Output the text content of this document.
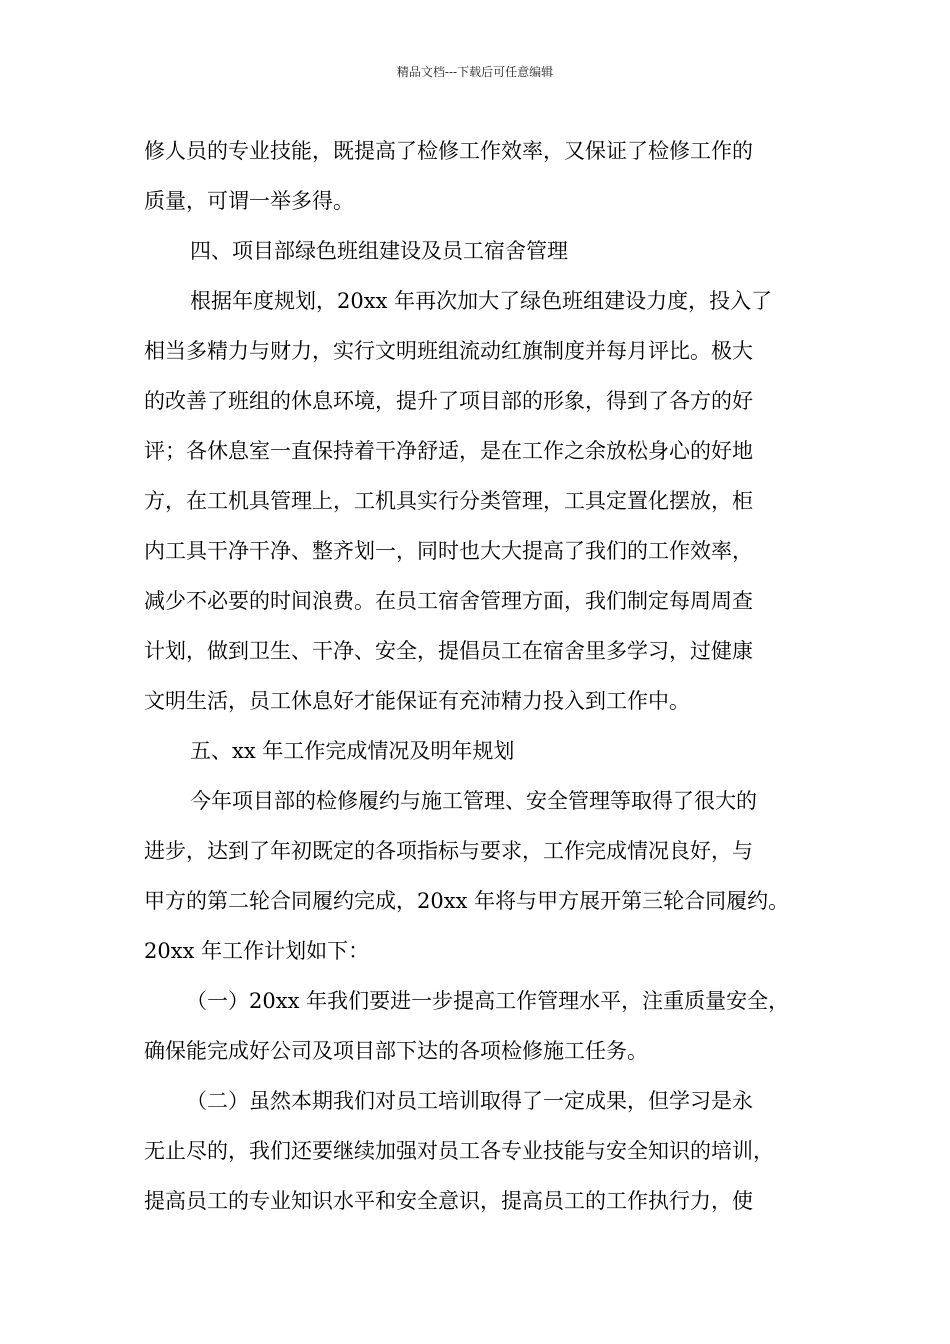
精品文档---下载后可任意编辑

修人员的专业技能，既提高了检修工作效率，又保证了检修工作的

质量，可谓一举多得。

四、项目部绿色班组建设及员工宿舍管理

根据年度规划，20xx 年再次加大了绿色班组建设力度，投入了

相当多精力与财力，实行文明班组流动红旗制度并每月评比。极大

的改善了班组的休息环境，提升了项目部的形象，得到了各方的好

评；各休息室一直保持着干净舒适，是在工作之余放松身心的好地

方，在工机具管理上，工机具实行分类管理，工具定置化摆放，柜

内工具干净干净、整齐划一，同时也大大提高了我们的工作效率，

减少不必要的时间浪费。在员工宿舍管理方面，我们制定每周周查

计划，做到卫生、干净、安全，提倡员工在宿舍里多学习，过健康

文明生活，员工休息好才能保证有充沛精力投入到工作中。

五、xx 年工作完成情况及明年规划

今年项目部的检修履约与施工管理、安全管理等取得了很大的

进步，达到了年初既定的各项指标与要求，工作完成情况良好，与

甲方的第二轮合同履约完成，20xx 年将与甲方展开第三轮合同履约。

20xx 年工作计划如下：

（一）20xx 年我们要进一步提高工作管理水平，注重质量安全，

确保能完成好公司及项目部下达的各项检修施工任务。

（二）虽然本期我们对员工培训取得了一定成果，但学习是永

无止尽的，我们还要继续加强对员工各专业技能与安全知识的培训，

提高员工的专业知识水平和安全意识，提高员工的工作执行力，使
